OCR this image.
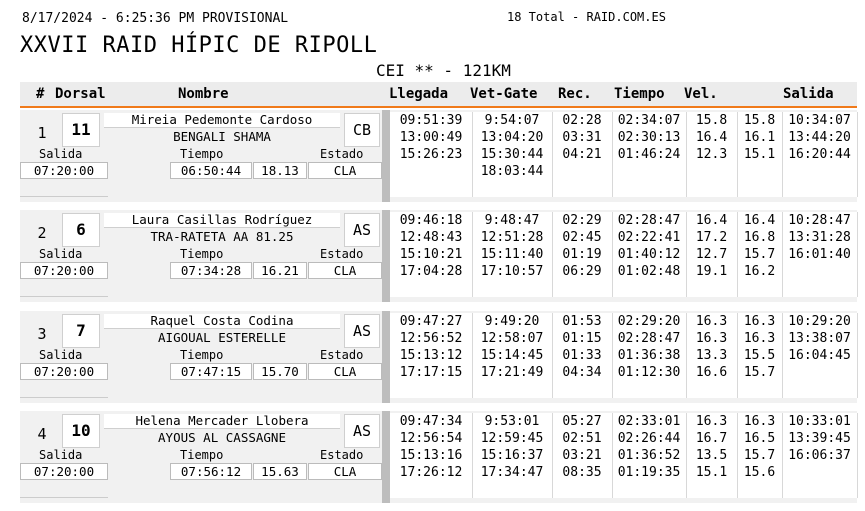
8/17/2024 - 6:25:36 PM PROVISIONAL	18 Total - RAID.COM.ES
XXVII RAID HÍPIC DE RIPOLL
CEI ** - 121KM
# Dorsal	Nombre	Llegada Vet-Gate Rec. Tiempo Vel.	Salida
1	11
Mireia Pedemonte Cardoso
BENGALI SHAMA	CB
Salida	Tiempo	Estado
07:20:00	06:50:44	18.13	CLA
09:51:39	9:54:07	02:28	02:34:07	15.8	15.8	10:34:07
13:00:49	13:04:20	03:31	02:30:13	16.4	16.1	13:44:20
15:26:23	15:30:44	04:21	01:46:24	12.3	15.1	16:20:44
18:03:44
2	6
Laura Casillas Rodríguez
TRA-RATETA AA 81.25	AS
Salida	Tiempo	Estado
07:20:00	07:34:28	16.21	CLA
09:46:18	9:48:47	02:29	02:28:47	16.4	16.4	10:28:47
12:48:43	12:51:28	02:45	02:22:41	17.2	16.8	13:31:28
15:10:21	15:11:40	01:19	01:40:12	12.7	15.7	16:01:40
17:04:28	17:10:57	06:29	01:02:48	19.1	16.2
3	7
Raquel Costa Codina
AIGOUAL ESTERELLE	AS
Salida	Tiempo	Estado
07:20:00	07:47:15	15.70	CLA
09:47:27	9:49:20	01:53	02:29:20	16.3	16.3	10:29:20
12:56:52	12:58:07	01:15	02:28:47	16.3	16.3	13:38:07
15:13:12	15:14:45	01:33	01:36:38	13.3	15.5	16:04:45
17:17:15	17:21:49	04:34	01:12:30	16.6	15.7
4	10
Helena Mercader Llobera
AYOUS AL CASSAGNE	AS
Salida	Tiempo	Estado
07:20:00	07:56:12	15.63	CLA
09:47:34	9:53:01	05:27	02:33:01	16.3	16.3	10:33:01
12:56:54	12:59:45	02:51	02:26:44	16.7	16.5	13:39:45
15:13:16	15:16:37	03:21	01:36:52	13.5	15.7	16:06:37
17:26:12	17:34:47	08:35	01:19:35	15.1	15.6
